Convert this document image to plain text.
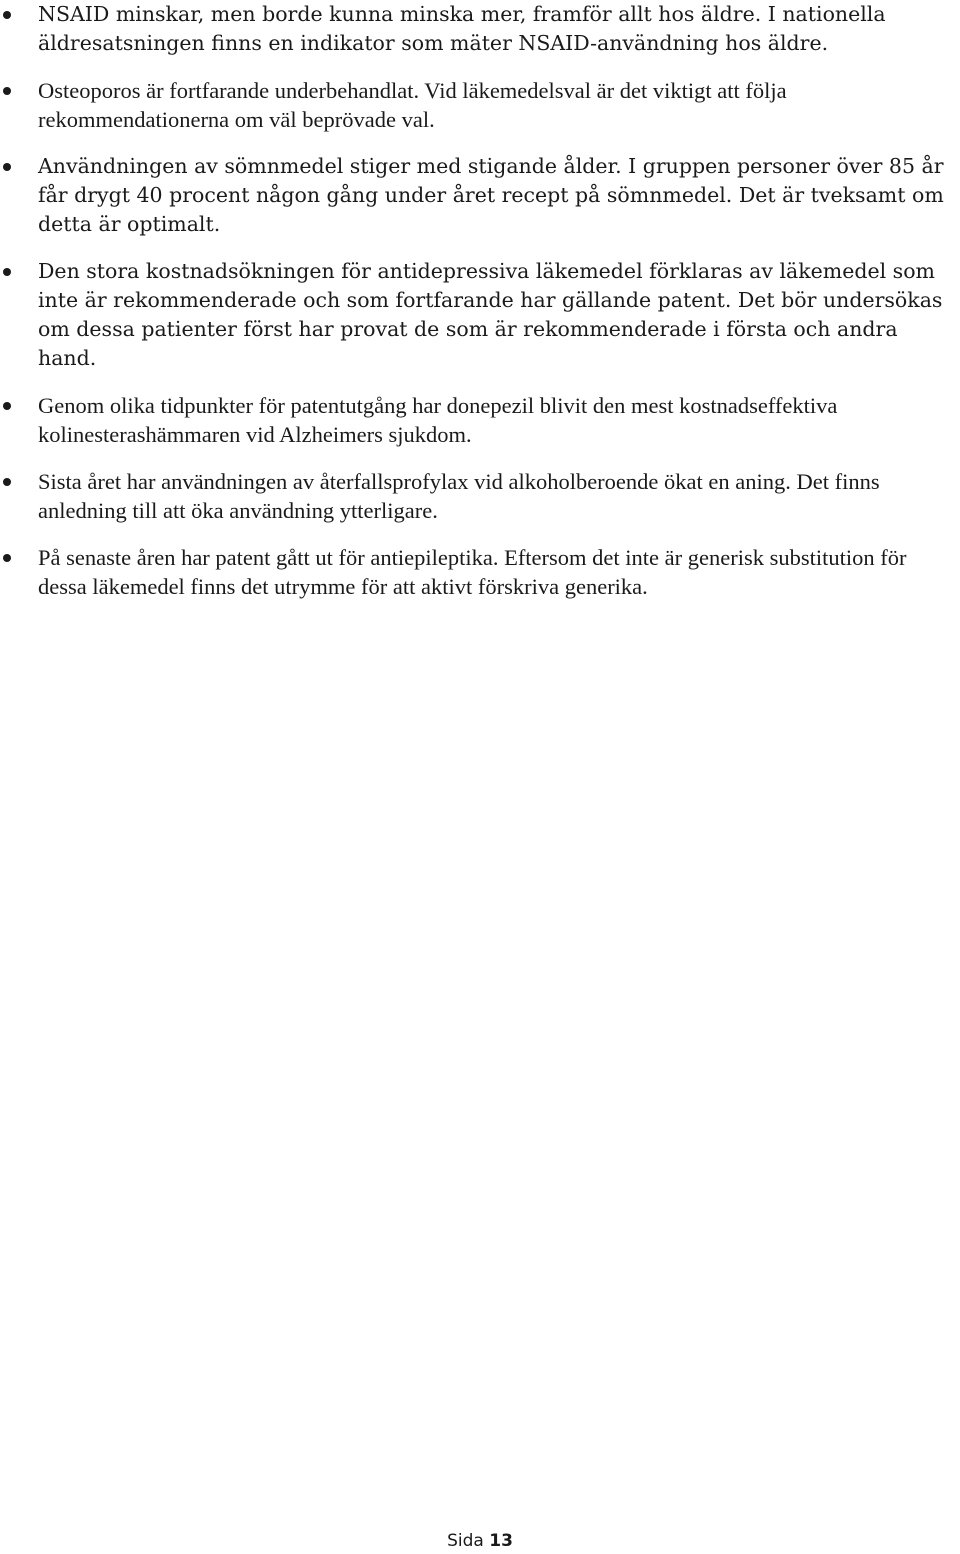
NSAID minskar, men borde kunna minska mer, framför allt hos äldre. I nationella äldresatsningen finns en indikator som mäter NSAID-användning hos äldre.
Osteoporos är fortfarande underbehandlat. Vid läkemedelsval är det viktigt att följa rekommendationerna om väl beprövade val.
Användningen av sömnmedel stiger med stigande ålder. I gruppen personer över 85 år får drygt 40 procent någon gång under året recept på sömnmedel. Det är tveksamt om detta är optimalt.
Den stora kostnadsökningen för antidepressiva läkemedel förklaras av läkemedel som inte är rekommenderade och som fortfarande har gällande patent. Det bör undersökas om dessa patienter först har provat de som är rekommenderade i första och andra hand.
Genom olika tidpunkter för patentutgång har donepezil blivit den mest kostnadseffektiva kolinesterashämmaren vid Alzheimers sjukdom.
Sista året har användningen av återfallsprofylax vid alkoholberoende ökat en aning. Det finns anledning till att öka användning ytterligare.
På senaste åren har patent gått ut för antiepileptika. Eftersom det inte är generisk substitution för dessa läkemedel finns det utrymme för att aktivt förskriva generika.
Sida 13
